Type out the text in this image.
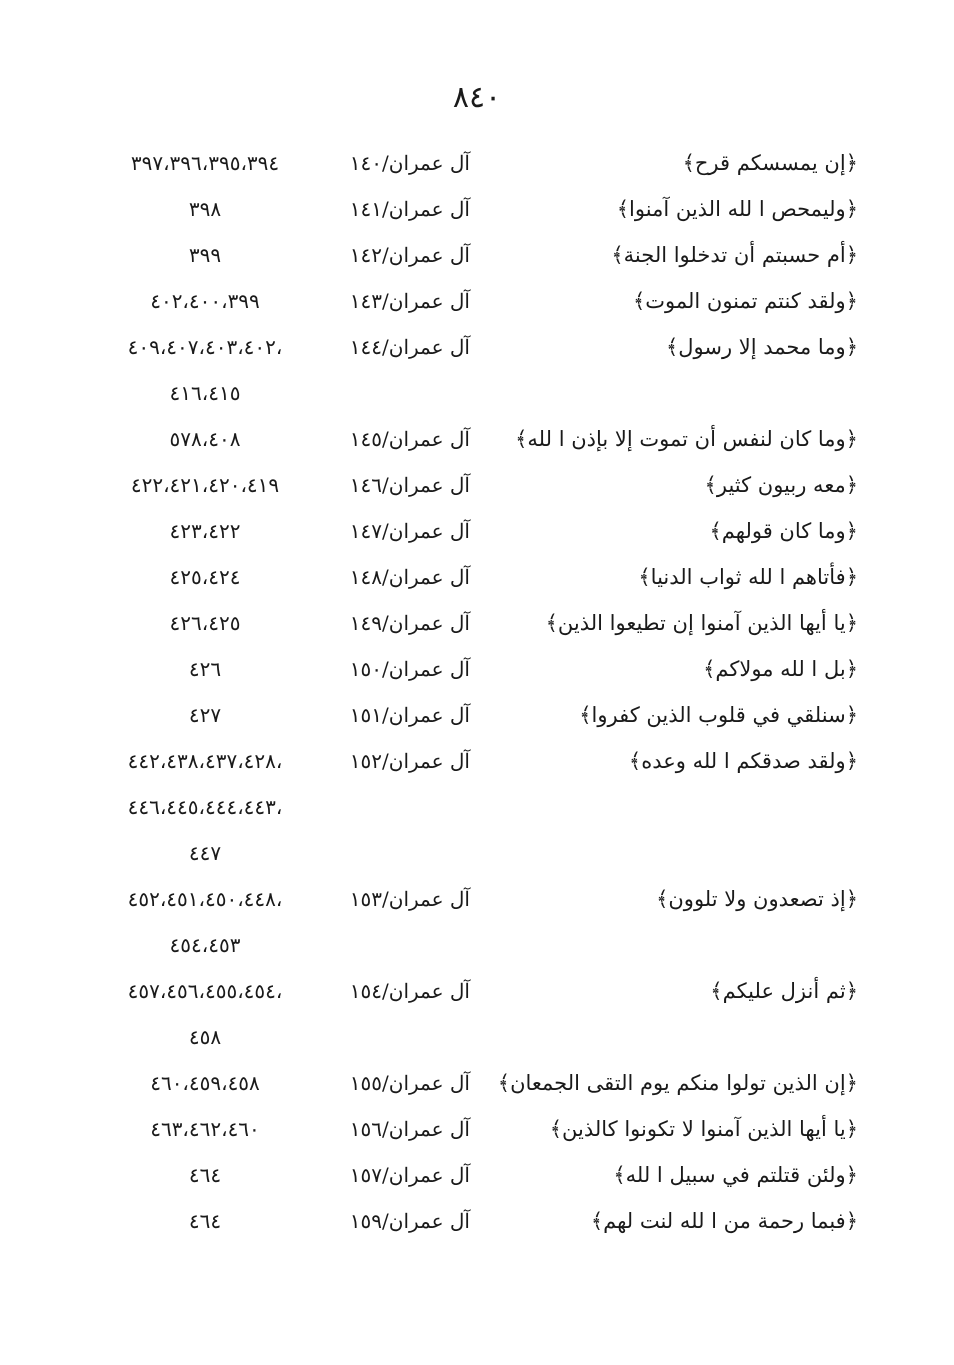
٨٤٠
﴿إن يمسسكم قرح﴾
آل عمران/١٤٠
٣٩٧،٣٩٦،٣٩٥،٣٩٤
﴿وليمحص ا لله الذين آمنوا﴾
آل عمران/١٤١
٣٩٨
﴿أم حسبتم أن تدخلوا الجنة﴾
آل عمران/١٤٢
٣٩٩
﴿ولقد كنتم تمنون الموت﴾
آل عمران/١٤٣
٤٠٢،٤٠٠،٣٩٩
﴿وما محمد إلا رسول﴾
آل عمران/١٤٤
،٤٠٩،٤٠٧،٤٠٣،٤٠٢
٤١٦،٤١٥
﴿وما كان لنفس أن تموت إلا بإذن ا لله﴾
آل عمران/١٤٥
٥٧٨،٤٠٨
﴿معه ربيون كثير﴾
آل عمران/١٤٦
٤٢٢،٤٢١،٤٢٠،٤١٩
﴿وما كان قولهم﴾
آل عمران/١٤٧
٤٢٣،٤٢٢
﴿فأتاهم ا لله ثواب الدنيا﴾
آل عمران/١٤٨
٤٢٥،٤٢٤
﴿يا أيها الذين آمنوا إن تطيعوا الذين﴾
آل عمران/١٤٩
٤٢٦،٤٢٥
﴿بل ا لله مولاكم﴾
آل عمران/١٥٠
٤٢٦
﴿سنلقي في قلوب الذين كفروا﴾
آل عمران/١٥١
٤٢٧
﴿ولقد صدقكم ا لله وعده﴾
آل عمران/١٥٢
،٤٤٢،٤٣٨،٤٣٧،٤٢٨
،٤٤٦،٤٤٥،٤٤٤،٤٤٣
٤٤٧
﴿إذ تصعدون ولا تلوون﴾
آل عمران/١٥٣
،٤٥٢،٤٥١،٤٥٠،٤٤٨
٤٥٤،٤٥٣
﴿ثم أنزل عليكم﴾
آل عمران/١٥٤
،٤٥٧،٤٥٦،٤٥٥،٤٥٤
٤٥٨
﴿إن الذين تولوا منكم يوم التقى الجمعان﴾
آل عمران/١٥٥
٤٦٠،٤٥٩،٤٥٨
﴿يا أيها الذين آمنوا لا تكونوا كالذين﴾
آل عمران/١٥٦
٤٦٣،٤٦٢،٤٦٠
﴿ولئن قتلتم في سبيل ا لله﴾
آل عمران/١٥٧
٤٦٤
﴿فبما رحمة من ا لله لنت لهم﴾
آل عمران/١٥٩
٤٦٤
